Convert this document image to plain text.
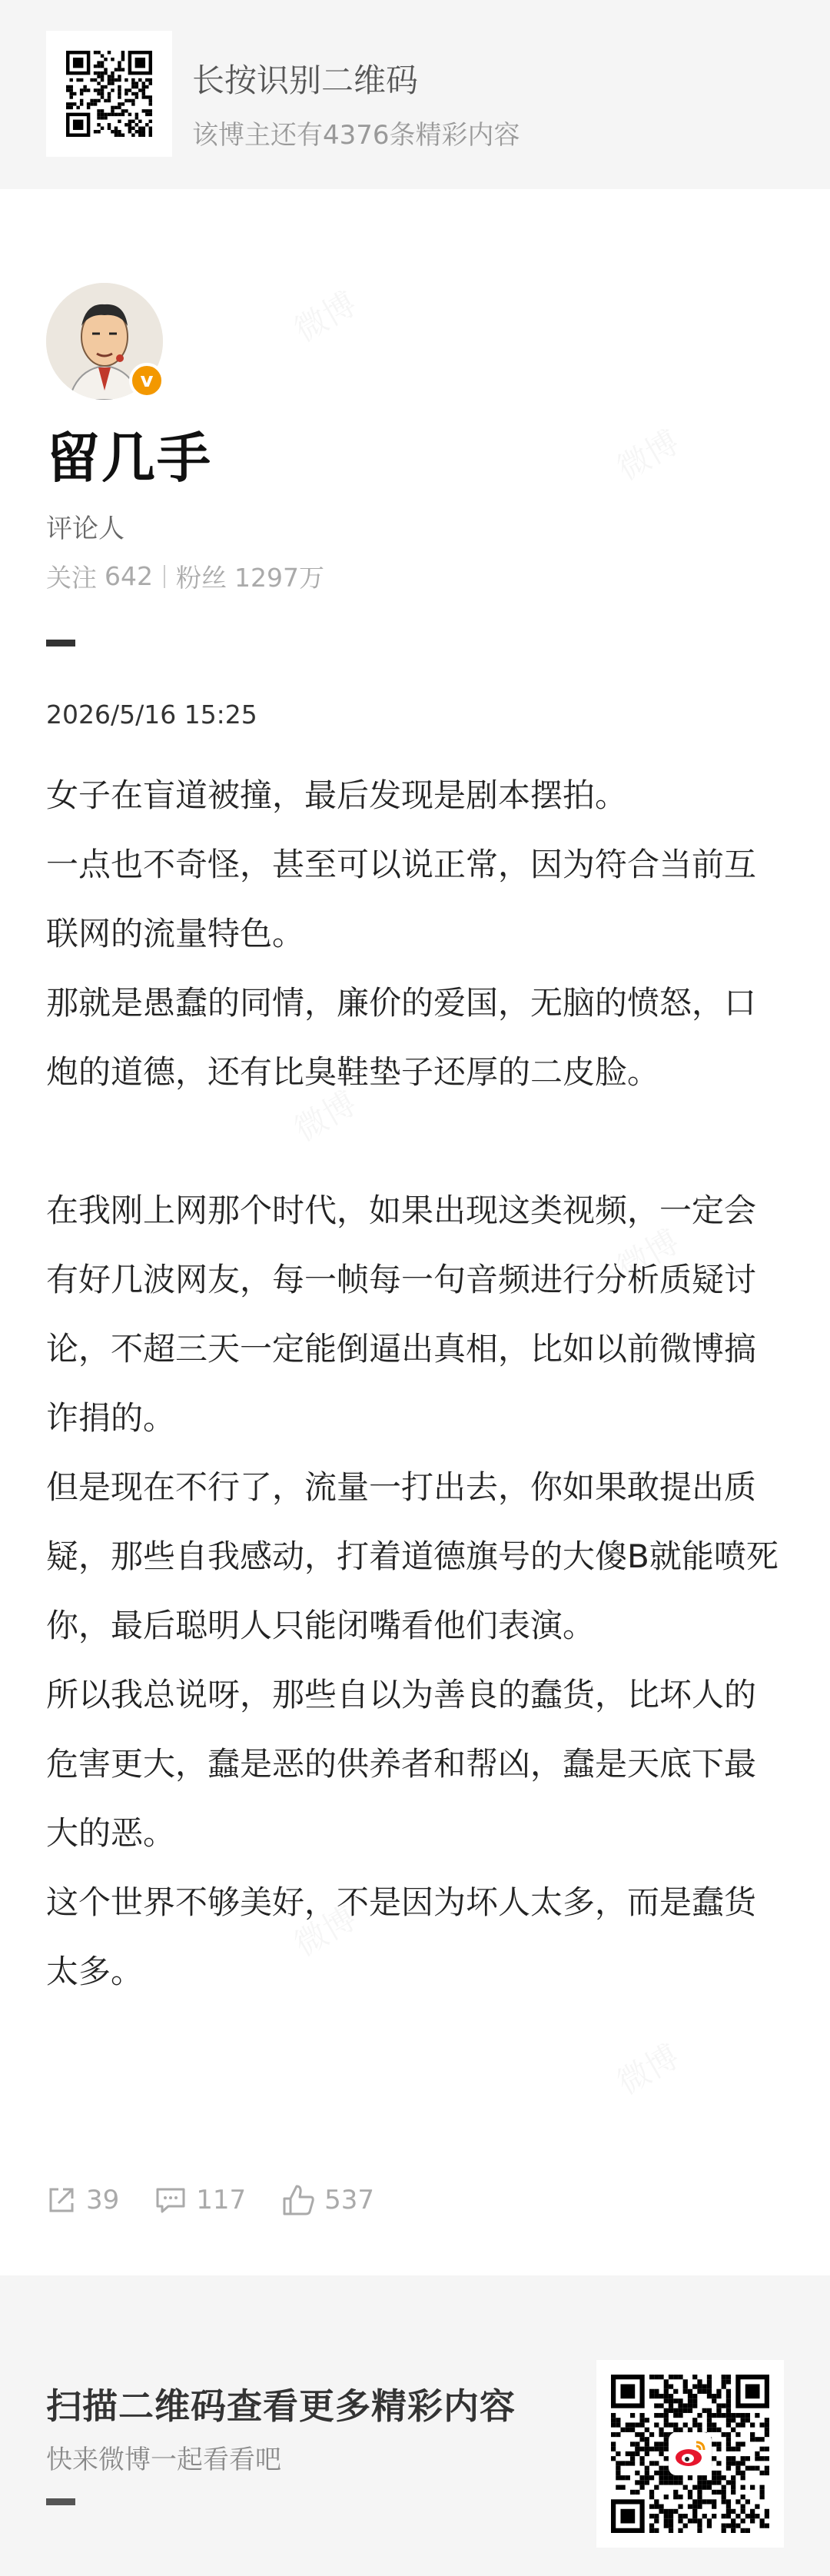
长按识别二维码
该博主还有4376条精彩内容
v
留几手
评论人
关注 642 粉丝 1297万
2026/5/16 15:25

女子在盲道被撞，最后发现是剧本摆拍。

一点也不奇怪，甚至可以说正常，因为符合当前互联网的流量特色。

那就是愚蠢的同情，廉价的爱国，无脑的愤怒，口炮的道德，还有比臭鞋垫子还厚的二皮脸。

在我刚上网那个时代，如果出现这类视频，一定会有好几波网友，每一帧每一句音频进行分析质疑讨论，不超三天一定能倒逼出真相，比如以前微博搞诈捐的。

但是现在不行了，流量一打出去，你如果敢提出质疑，那些自我感动，打着道德旗号的大傻B就能喷死你，最后聪明人只能闭嘴看他们表演。

所以我总说呀，那些自以为善良的蠢货，比坏人的危害更大，蠢是恶的供养者和帮凶，蠢是天底下最大的恶。

这个世界不够美好，不是因为坏人太多，而是蠢货太多。

39	117	537
扫描二维码查看更多精彩内容
快来微博一起看看吧
